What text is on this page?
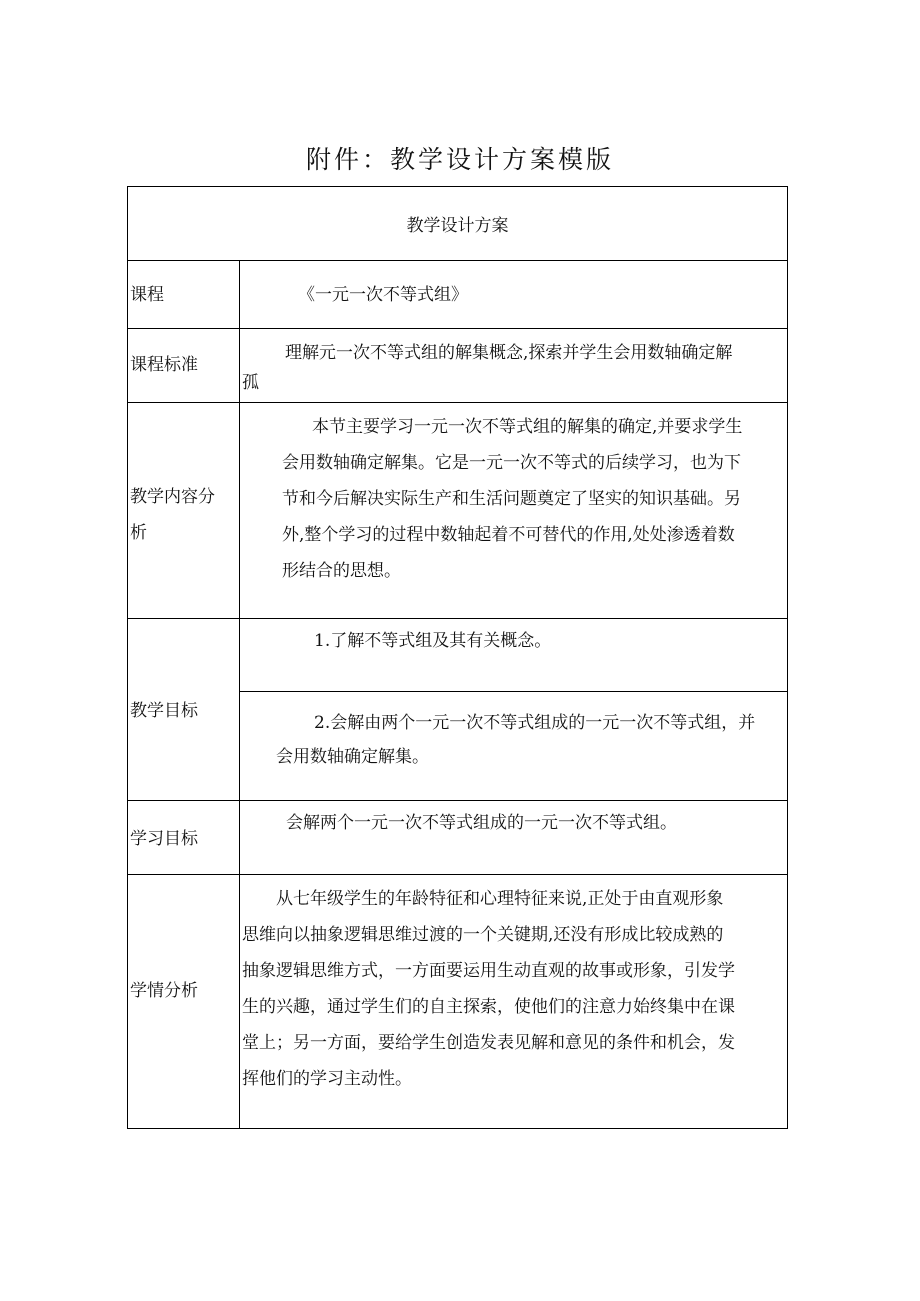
附件：教学设计方案模版
教学设计方案
课程	《一元一次不等式组》

课程标准

理解元一次不等式组的解集概念,探索并学生会用数轴确定解

孤

教学内容分
析

本节主要学习一元一次不等式组的解集的确定,并要求学生

会用数轴确定解集。它是一元一次不等式的后续学习，也为下

节和今后解决实际生产和生活问题奠定了坚实的知识基础。另

外,整个学习的过程中数轴起着不可替代的作用,处处渗透着数

形结合的思想。

教学目标

1.了解不等式组及其有关概念。

2.会解由两个一元一次不等式组成的一元一次不等式组，并

会用数轴确定解集。

学习目标

会解两个一元一次不等式组成的一元一次不等式组。

学情分析

从七年级学生的年龄特征和心理特征来说,正处于由直观形象

思维向以抽象逻辑思维过渡的一个关键期,还没有形成比较成熟的

抽象逻辑思维方式，一方面要运用生动直观的故事或形象，引发学

生的兴趣，通过学生们的自主探索，使他们的注意力始终集中在课

堂上；另一方面，要给学生创造发表见解和意见的条件和机会，发

挥他们的学习主动性。
